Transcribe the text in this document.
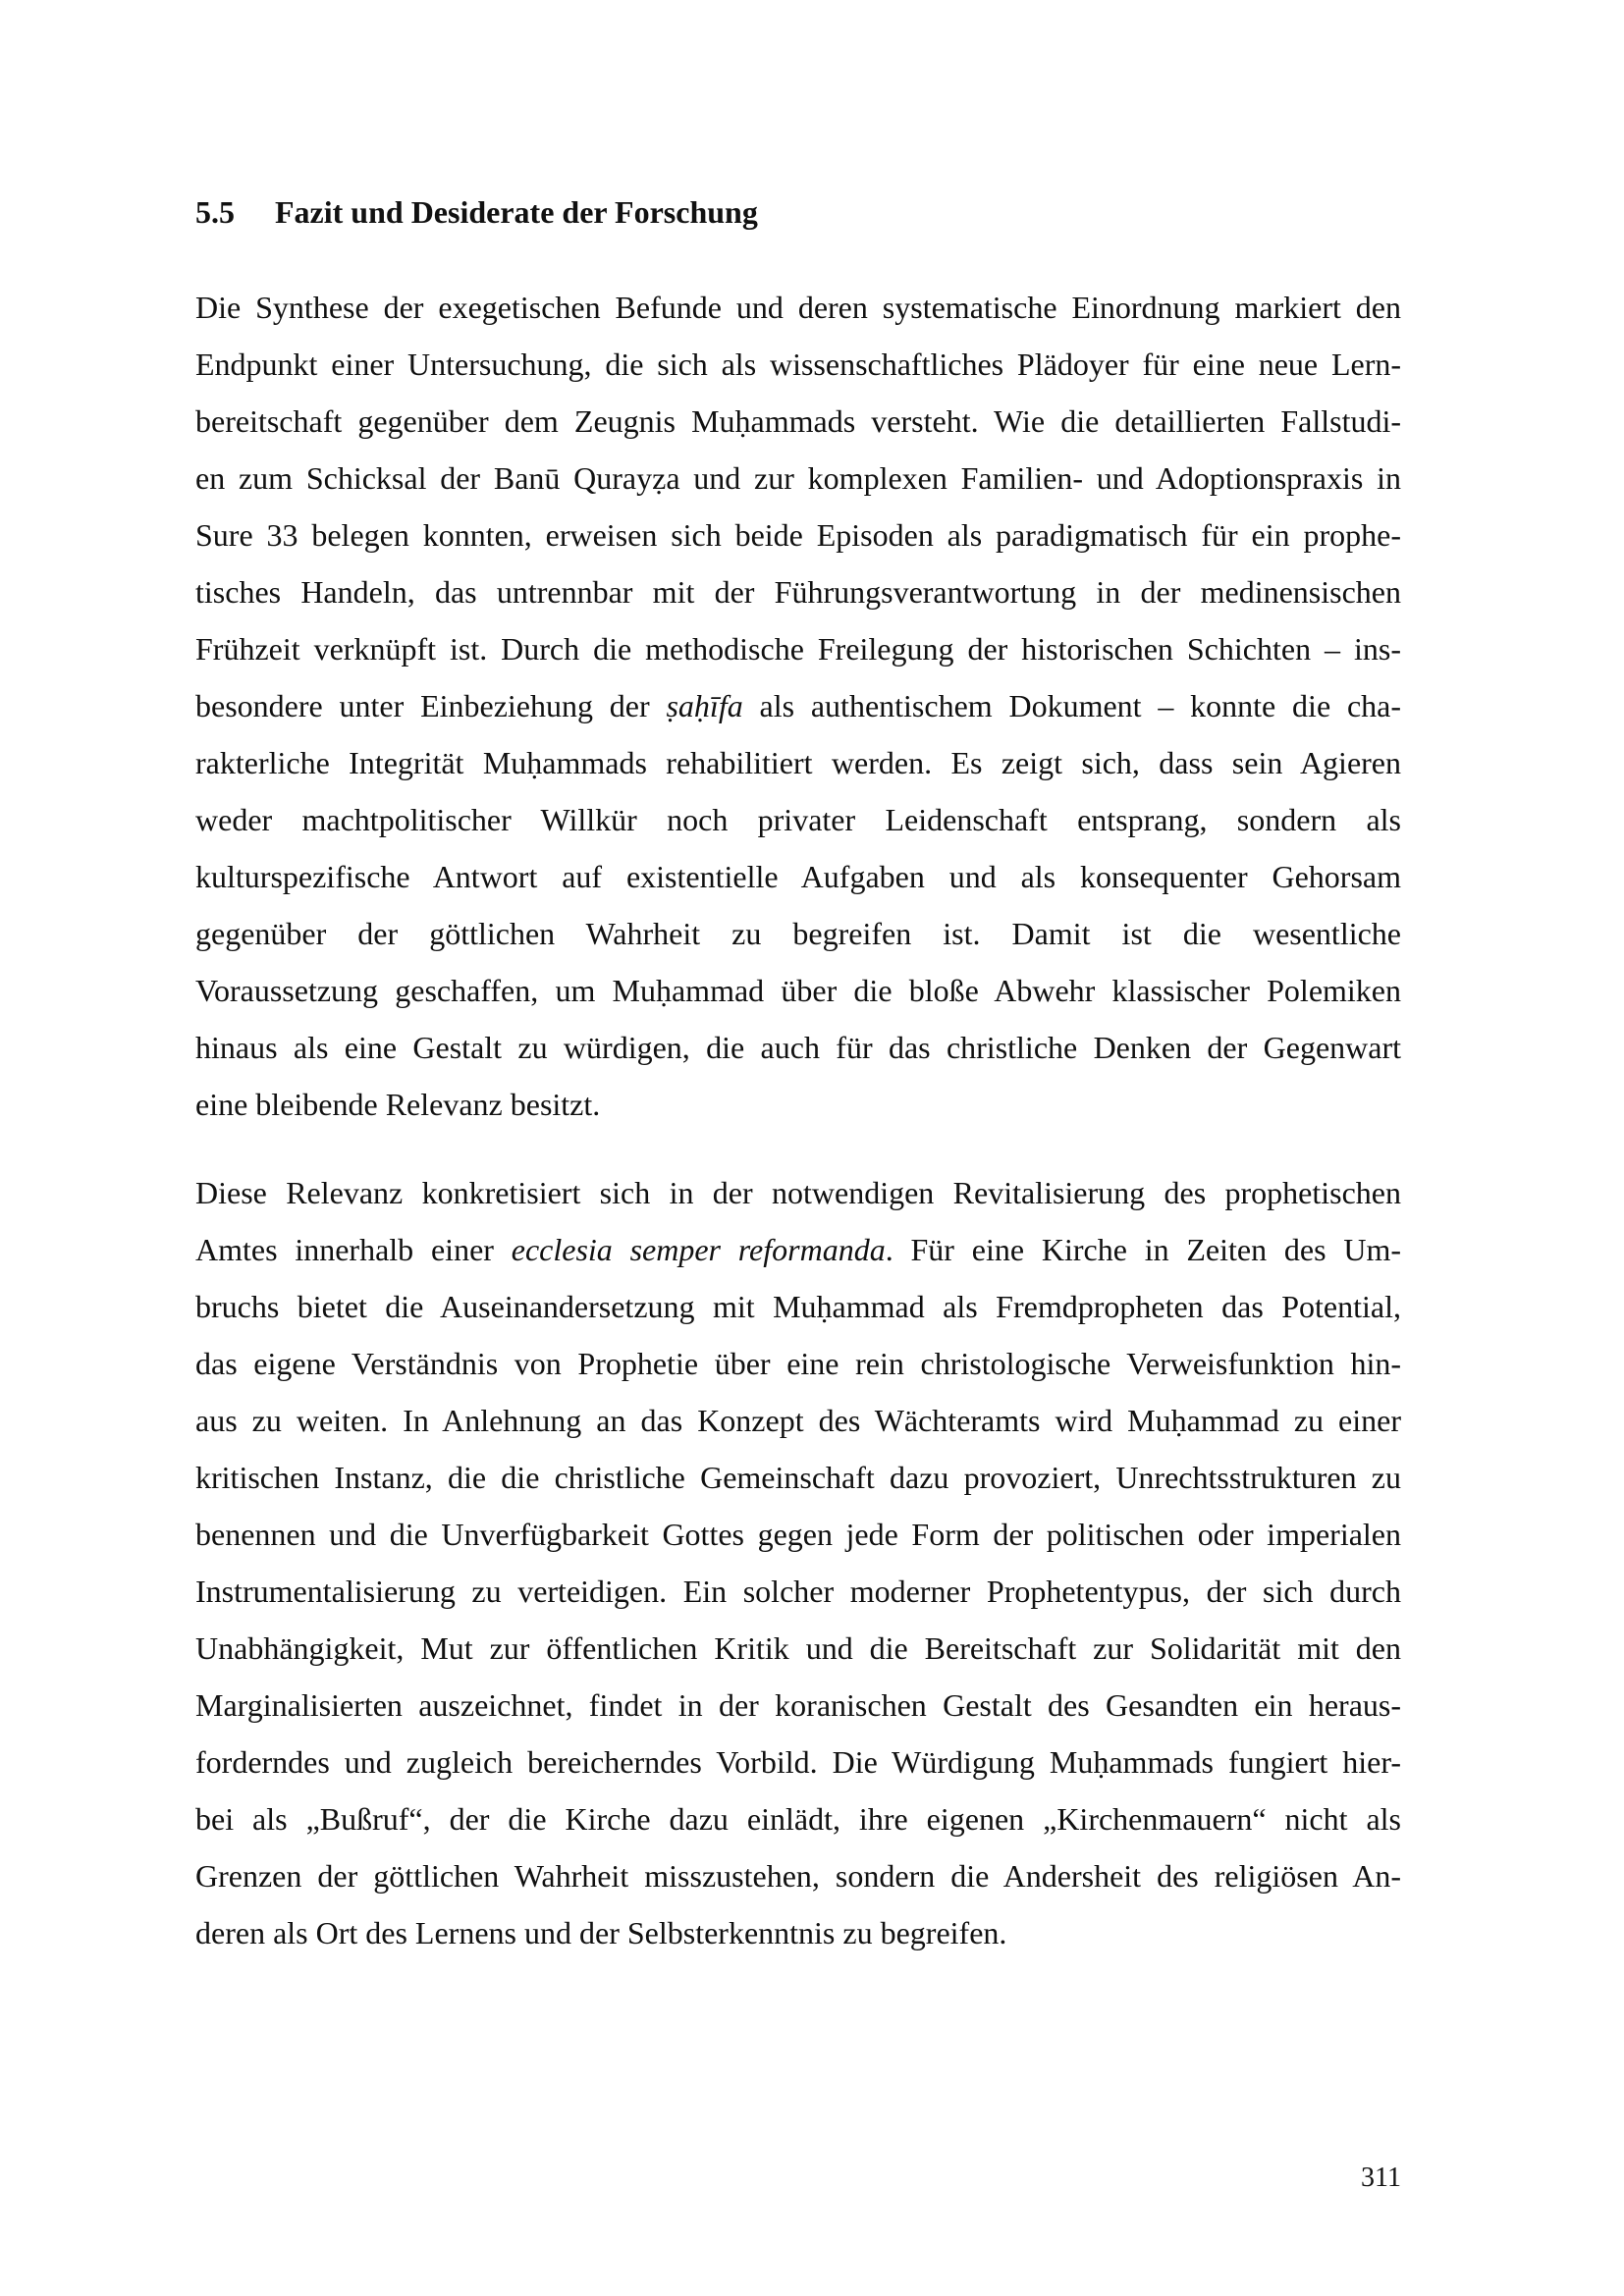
5.5 Fazit und Desiderate der Forschung
Die Synthese der exegetischen Befunde und deren systematische Einordnung markiert den
Endpunkt einer Untersuchung, die sich als wissenschaftliches Plädoyer für eine neue Lern-
bereitschaft gegenüber dem Zeugnis Muḥammads versteht. Wie die detaillierten Fallstudi-
en zum Schicksal der Banū Qurayẓa und zur komplexen Familien- und Adoptionspraxis in
Sure 33 belegen konnten, erweisen sich beide Episoden als paradigmatisch für ein prophe-
tisches Handeln, das untrennbar mit der Führungsverantwortung in der medinensischen
Frühzeit verknüpft ist. Durch die methodische Freilegung der historischen Schichten – ins-
besondere unter Einbeziehung der ṣaḥīfa als authentischem Dokument – konnte die cha-
rakterliche Integrität Muḥammads rehabilitiert werden. Es zeigt sich, dass sein Agieren
weder machtpolitischer Willkür noch privater Leidenschaft entsprang, sondern als
kulturspezifische Antwort auf existentielle Aufgaben und als konsequenter Gehorsam
gegenüber der göttlichen Wahrheit zu begreifen ist. Damit ist die wesentliche
Voraussetzung geschaffen, um Muḥammad über die bloße Abwehr klassischer Polemiken
hinaus als eine Gestalt zu würdigen, die auch für das christliche Denken der Gegenwart
eine bleibende Relevanz besitzt.
Diese Relevanz konkretisiert sich in der notwendigen Revitalisierung des prophetischen
Amtes innerhalb einer ecclesia semper reformanda. Für eine Kirche in Zeiten des Um-
bruchs bietet die Auseinandersetzung mit Muḥammad als Fremdpropheten das Potential,
das eigene Verständnis von Prophetie über eine rein christologische Verweisfunktion hin-
aus zu weiten. In Anlehnung an das Konzept des Wächteramts wird Muḥammad zu einer
kritischen Instanz, die die christliche Gemeinschaft dazu provoziert, Unrechtsstrukturen zu
benennen und die Unverfügbarkeit Gottes gegen jede Form der politischen oder imperialen
Instrumentalisierung zu verteidigen. Ein solcher moderner Prophetentypus, der sich durch
Unabhängigkeit, Mut zur öffentlichen Kritik und die Bereitschaft zur Solidarität mit den
Marginalisierten auszeichnet, findet in der koranischen Gestalt des Gesandten ein heraus-
forderndes und zugleich bereicherndes Vorbild. Die Würdigung Muḥammads fungiert hier-
bei als „Bußruf“, der die Kirche dazu einlädt, ihre eigenen „Kirchenmauern“ nicht als
Grenzen der göttlichen Wahrheit misszustehen, sondern die Andersheit des religiösen An-
deren als Ort des Lernens und der Selbsterkenntnis zu begreifen.
311
